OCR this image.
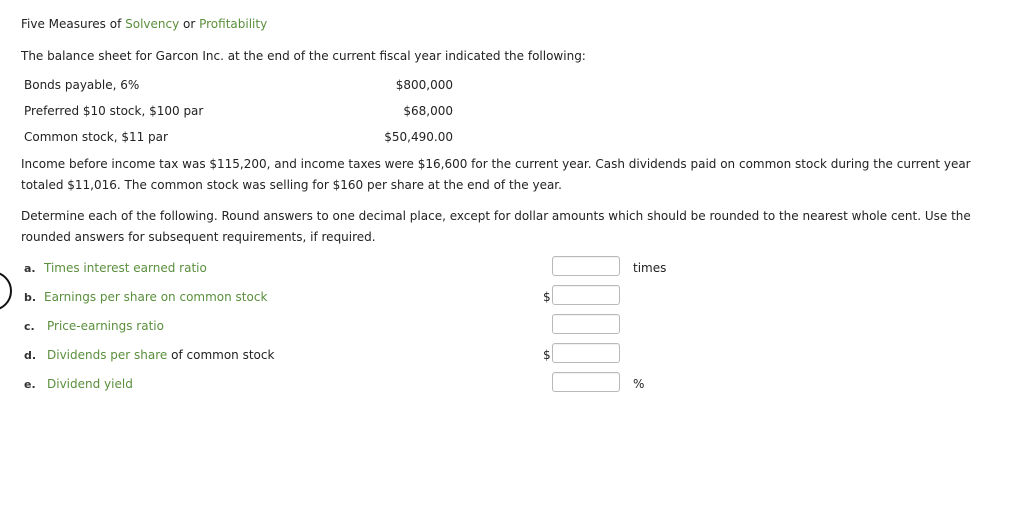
Five Measures of Solvency or Profitability
The balance sheet for Garcon Inc. at the end of the current fiscal year indicated the following:
Bonds payable, 6%	$800,000
Preferred $10 stock, $100 par	$68,000
Common stock, $11 par	$50,490.00
Income before income tax was $115,200, and income taxes were $16,600 for the current year. Cash dividends paid on common stock during the current year totaled $11,016. The common stock was selling for $160 per share at the end of the year.
Determine each of the following. Round answers to one decimal place, except for dollar amounts which should be rounded to the nearest whole cent. Use the rounded answers for subsequent requirements, if required.
a. Times interest earned ratio	times
b. Earnings per share on common stock	$
c. Price-earnings ratio
d. Dividends per share of common stock	$
e. Dividend yield	%
